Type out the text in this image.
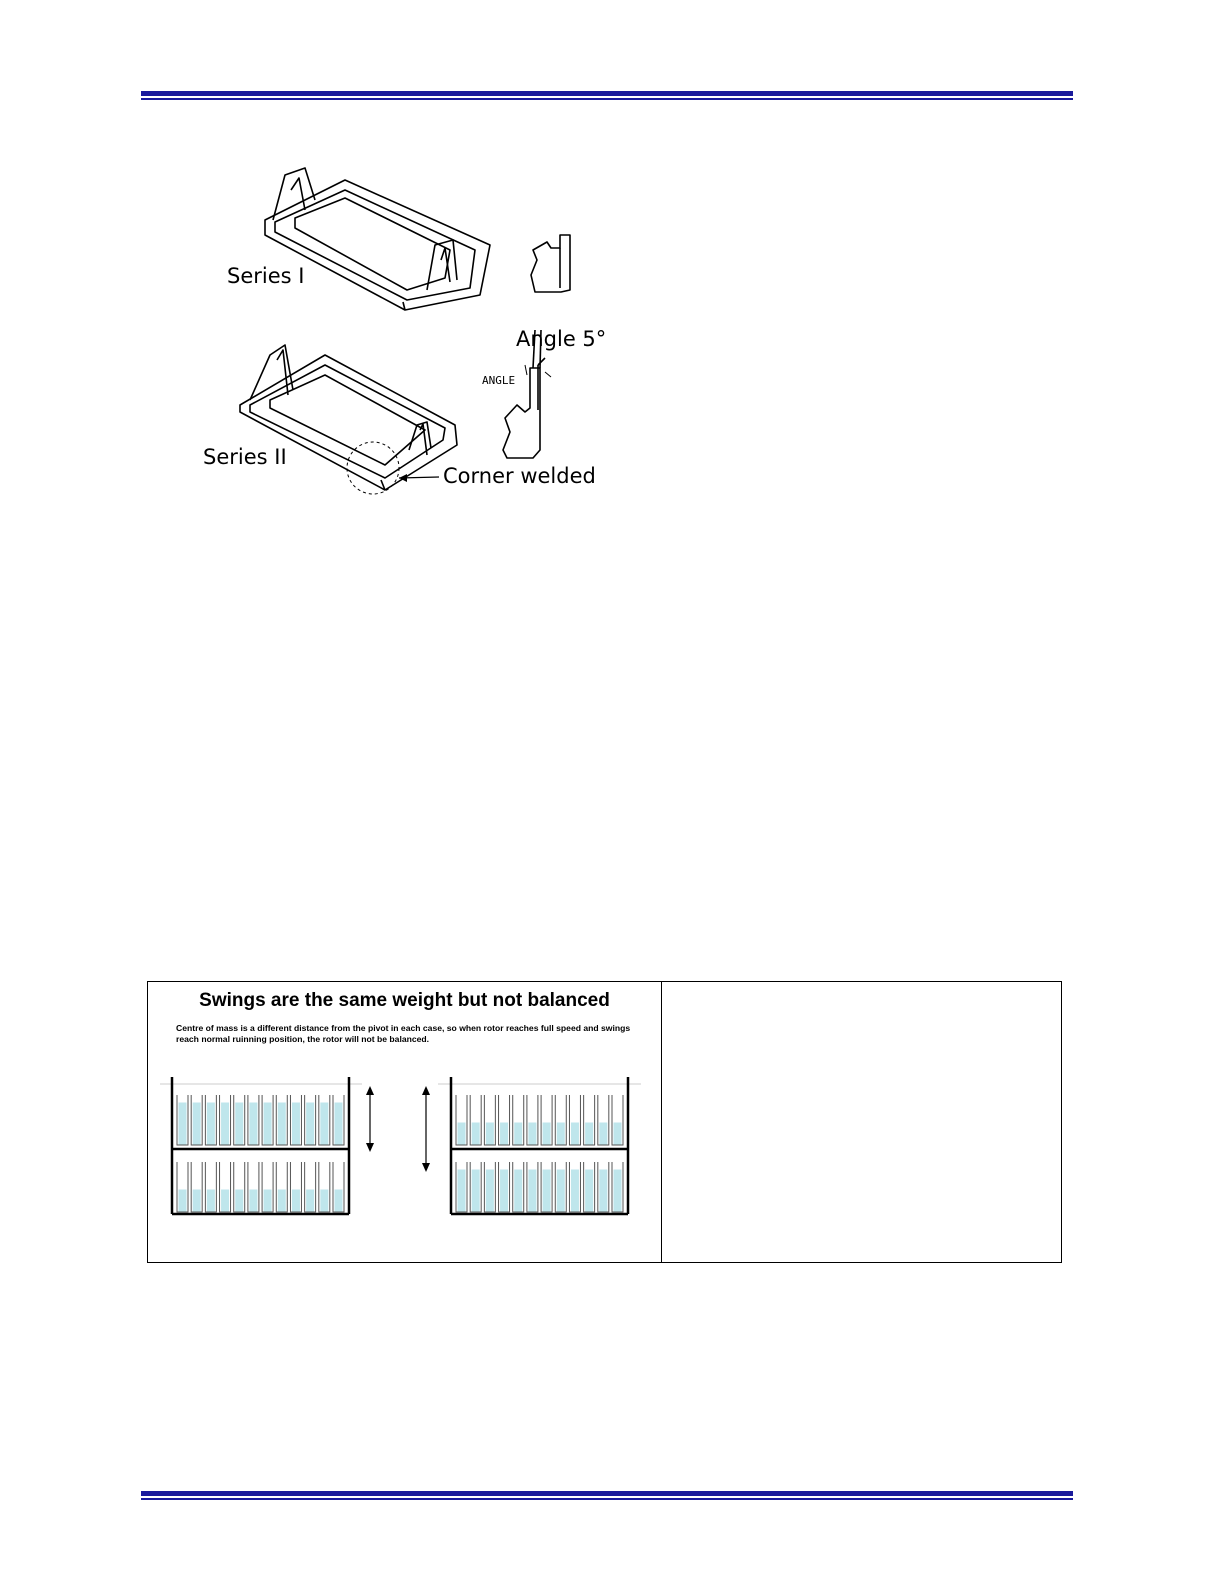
Series I
Angle 5°
ANGLE
Series II
Corner welded
Swings are the same weight but not balanced
Centre of mass is a different distance from the pivot in each case, so when rotor reaches full speed and swings reach normal ruinning position, the rotor will not be balanced.
